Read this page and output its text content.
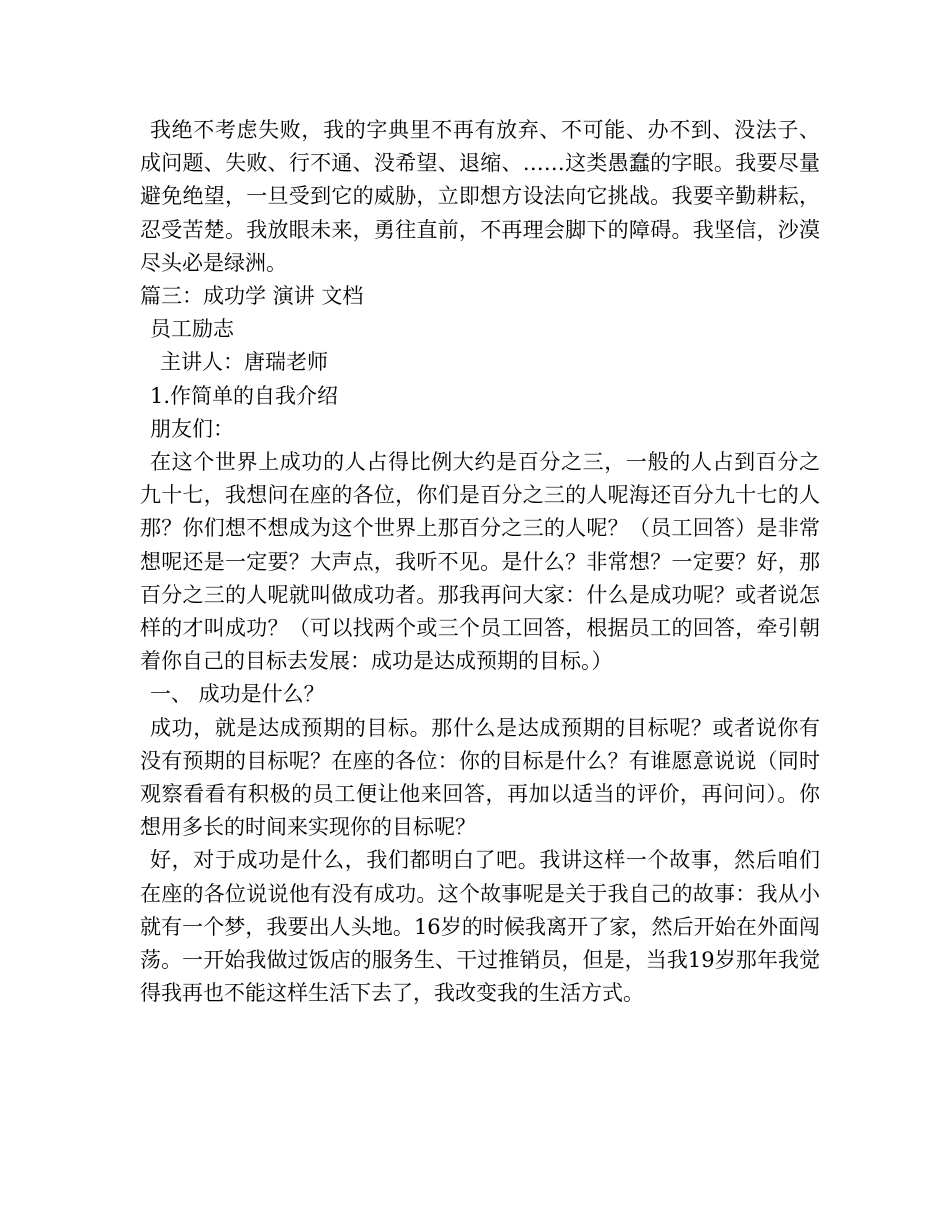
我绝不考虑失败，我的字典里不再有放弃、不可能、办不到、没法子、成问题、失败、行不通、没希望、退缩、……这类愚蠢的字眼。我要尽量避免绝望，一旦受到它的威胁，立即想方设法向它挑战。我要辛勤耕耘，忍受苦楚。我放眼未来，勇往直前，不再理会脚下的障碍。我坚信，沙漠尽头必是绿洲。

篇三：成功学 演讲 文档

员工励志

主讲人：唐瑞老师

1.作简单的自我介绍

朋友们：

在这个世界上成功的人占得比例大约是百分之三，一般的人占到百分之九十七，我想问在座的各位，你们是百分之三的人呢海还百分九十七的人那？你们想不想成为这个世界上那百分之三的人呢？（员工回答）是非常想呢还是一定要？大声点，我听不见。是什么？非常想？一定要？好，那百分之三的人呢就叫做成功者。那我再问大家：什么是成功呢？或者说怎样的才叫成功？（可以找两个或三个员工回答，根据员工的回答，牵引朝着你自己的目标去发展：成功是达成预期的目标。）

一、 成功是什么？

成功，就是达成预期的目标。那什么是达成预期的目标呢？或者说你有没有预期的目标呢？在座的各位：你的目标是什么？有谁愿意说说（同时观察看看有积极的员工便让他来回答，再加以适当的评价，再问问）。你想用多长的时间来实现你的目标呢？

好，对于成功是什么，我们都明白了吧。我讲这样一个故事，然后咱们在座的各位说说他有没有成功。这个故事呢是关于我自己的故事：我从小就有一个梦，我要出人头地。16岁的时候我离开了家，然后开始在外面闯荡。一开始我做过饭店的服务生、干过推销员，但是，当我19岁那年我觉得我再也不能这样生活下去了，我改变我的生活方式。
